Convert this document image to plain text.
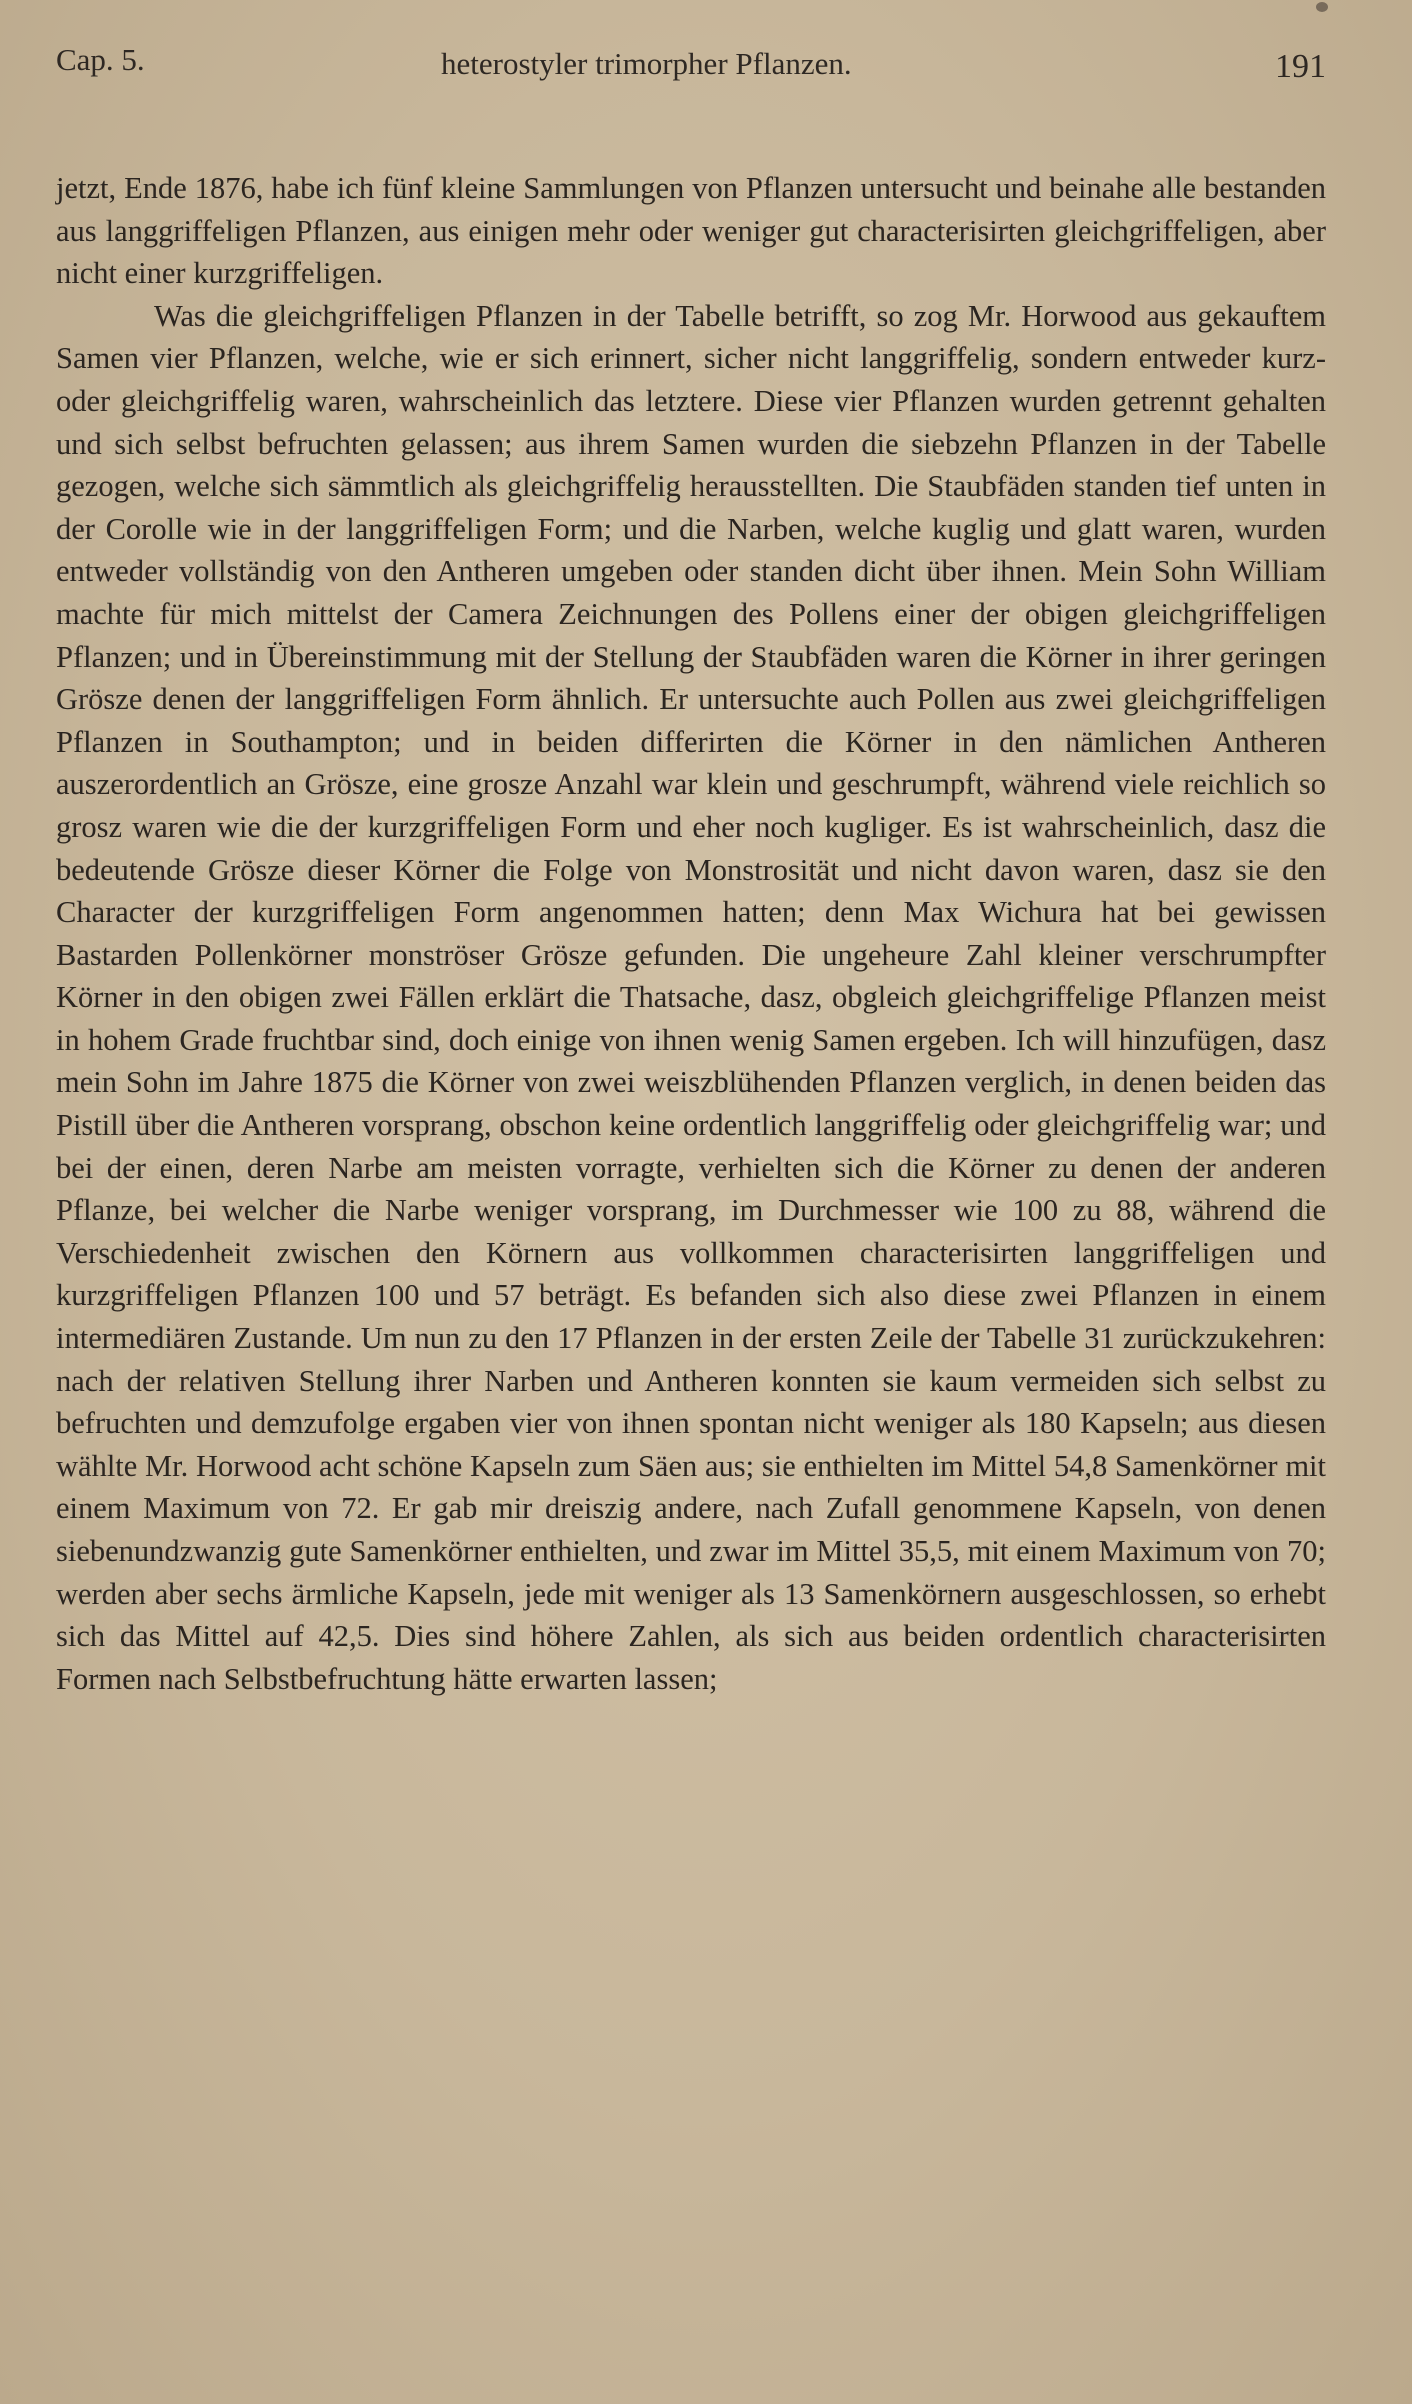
Cap. 5.	heterostyler trimorpher Pflanzen.	191

jetzt, Ende 1876, habe ich fünf kleine Sammlungen von Pflanzen untersucht und beinahe alle bestanden aus langgriffeligen Pflanzen, aus einigen mehr oder weniger gut characterisirten gleichgriffeligen, aber nicht einer kurzgriffeligen.

Was die gleichgriffeligen Pflanzen in der Tabelle betrifft, so zog Mr. Horwood aus gekauftem Samen vier Pflanzen, welche, wie er sich erinnert, sicher nicht langgriffelig, sondern entweder kurz- oder gleichgriffelig waren, wahrscheinlich das letztere. Diese vier Pflanzen wurden getrennt gehalten und sich selbst befruchten gelassen; aus ihrem Samen wurden die siebzehn Pflanzen in der Tabelle gezogen, welche sich sämmtlich als gleichgriffelig herausstellten. Die Staubfäden standen tief unten in der Corolle wie in der langgriffeligen Form; und die Narben, welche kuglig und glatt waren, wurden entweder vollständig von den Antheren umgeben oder standen dicht über ihnen. Mein Sohn William machte für mich mittelst der Camera Zeichnungen des Pollens einer der obigen gleichgriffeligen Pflanzen; und in Übereinstimmung mit der Stellung der Staubfäden waren die Körner in ihrer geringen Grösze denen der langgriffeligen Form ähnlich. Er untersuchte auch Pollen aus zwei gleichgriffeligen Pflanzen in Southampton; und in beiden differirten die Körner in den nämlichen Antheren auszerordentlich an Grösze, eine grosze Anzahl war klein und geschrumpft, während viele reichlich so grosz waren wie die der kurzgriffeligen Form und eher noch kugliger. Es ist wahrscheinlich, dasz die bedeutende Grösze dieser Körner die Folge von Monstrosität und nicht davon waren, dasz sie den Character der kurzgriffeligen Form angenommen hatten; denn Max Wichura hat bei gewissen Bastarden Pollenkörner monströser Grösze gefunden. Die ungeheure Zahl kleiner verschrumpfter Körner in den obigen zwei Fällen erklärt die Thatsache, dasz, obgleich gleichgriffelige Pflanzen meist in hohem Grade fruchtbar sind, doch einige von ihnen wenig Samen ergeben. Ich will hinzufügen, dasz mein Sohn im Jahre 1875 die Körner von zwei weiszblühenden Pflanzen verglich, in denen beiden das Pistill über die Antheren vorsprang, obschon keine ordentlich langgriffelig oder gleichgriffelig war; und bei der einen, deren Narbe am meisten vorragte, verhielten sich die Körner zu denen der anderen Pflanze, bei welcher die Narbe weniger vorsprang, im Durchmesser wie 100 zu 88, während die Verschiedenheit zwischen den Körnern aus vollkommen characterisirten langgriffeligen und kurzgriffeligen Pflanzen 100 und 57 beträgt. Es befanden sich also diese zwei Pflanzen in einem intermediären Zustande. Um nun zu den 17 Pflanzen in der ersten Zeile der Tabelle 31 zurückzukehren: nach der relativen Stellung ihrer Narben und Antheren konnten sie kaum vermeiden sich selbst zu befruchten und demzufolge ergaben vier von ihnen spontan nicht weniger als 180 Kapseln; aus diesen wählte Mr. Horwood acht schöne Kapseln zum Säen aus; sie enthielten im Mittel 54,8 Samenkörner mit einem Maximum von 72. Er gab mir dreiszig andere, nach Zufall genommene Kapseln, von denen siebenundzwanzig gute Samenkörner enthielten, und zwar im Mittel 35,5, mit einem Maximum von 70; werden aber sechs ärmliche Kapseln, jede mit weniger als 13 Samenkörnern ausgeschlossen, so erhebt sich das Mittel auf 42,5. Dies sind höhere Zahlen, als sich aus beiden ordentlich characterisirten Formen nach Selbstbefruchtung hätte erwarten lassen;
